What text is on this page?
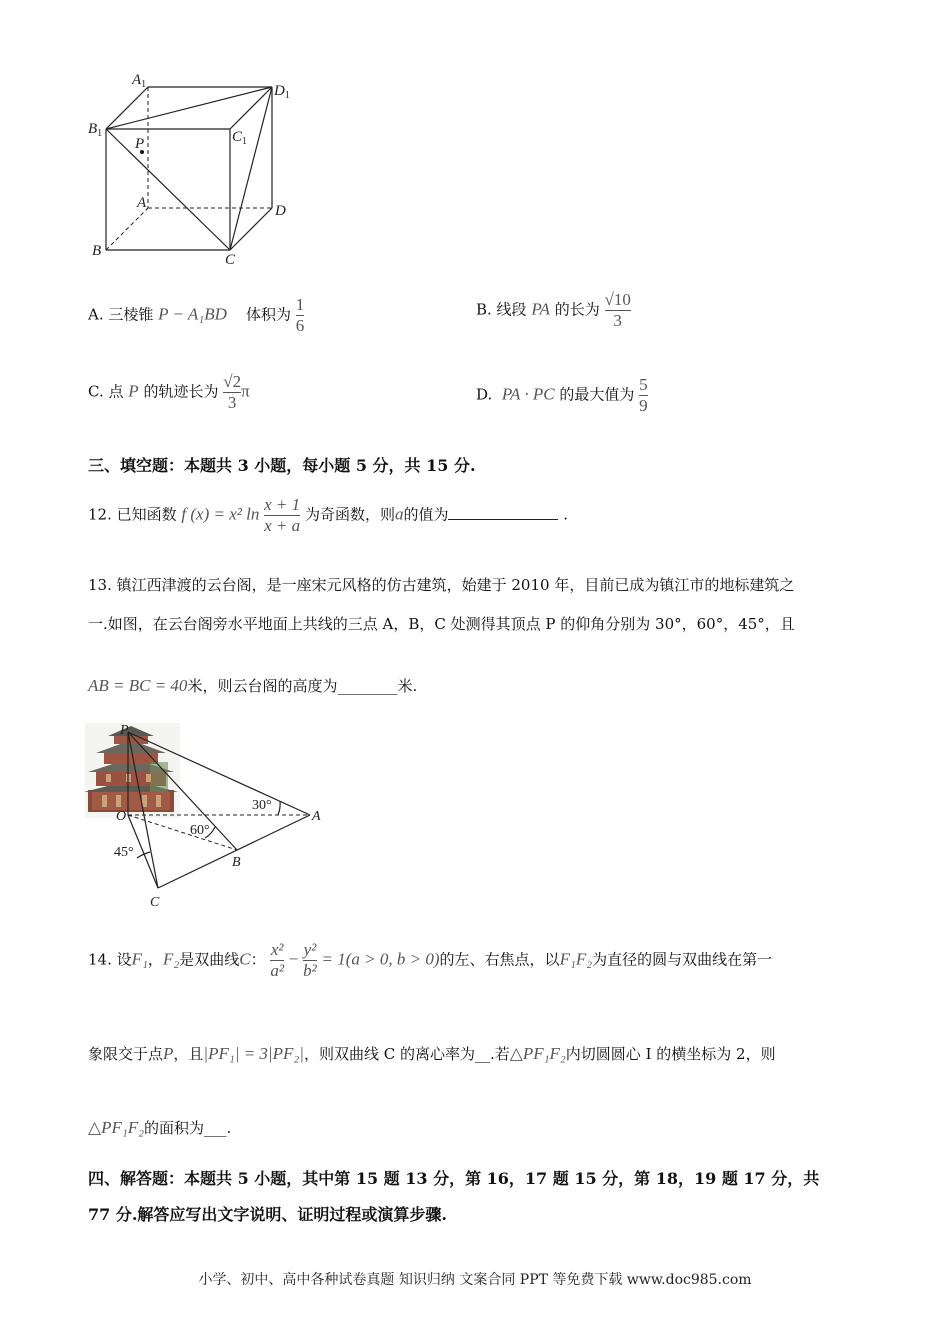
$A_1$	$D_1$
$B_1$	$C_1$
P
A	D
B
C
A. 三棱锥 P − A₁BD 体积为 $\frac{1}{6}$	B. 线段 PA 的长为 $\frac{√10}{3}$
C. 点 P 的轨迹长为 $\frac{√2}{3}$ π	D. PA · PC 的最大值为 $\frac{5}{9}$
三、填空题：本题共 3 小题，每小题 5 分，共 15 分.
12. 已知函数 f (x) = x² $\ln \frac{x + 1}{x + a}$ 为奇函数，则a的值为	.
13. 镇江西津渡的云台阁，是一座宋元风格的仿古建筑，始建于 2010 年，目前已成为镇江市的地标建筑之
一.如图，在云台阁旁水平地面上共线的三点 A，B，C 处测得其顶点 P 的仰角分别为 30°，60°，45°，且
AB = BC = 40米，则云台阁的高度为________米.
P
O	A
B
C
30°
60°
45°
14. 设F₁，F₂是双曲线C： $\frac{\text{x²}}{\text{a²}} - \frac{\text{y²}}{\text{b²}} = 1(a > 0$, b > 0)的左、右焦点，以F₁F₂为直径的圆与双曲线在第一
象限交于点P，且|PF₁| = 3|PF₂|，则双曲线 C 的离心率为__.若△PF₁F₂内切圆圆心 I 的横坐标为 2，则
△PF₁F₂的面积为___.
四、解答题：本题共 5 小题，其中第 15 题 13 分，第 16，17 题 15 分，第 18，19 题 17 分，共
77 分.解答应写出文字说明、证明过程或演算步骤.
小学、初中、高中各种试卷真题 知识归纳 文案合同 PPT 等免费下载 www.doc985.com
